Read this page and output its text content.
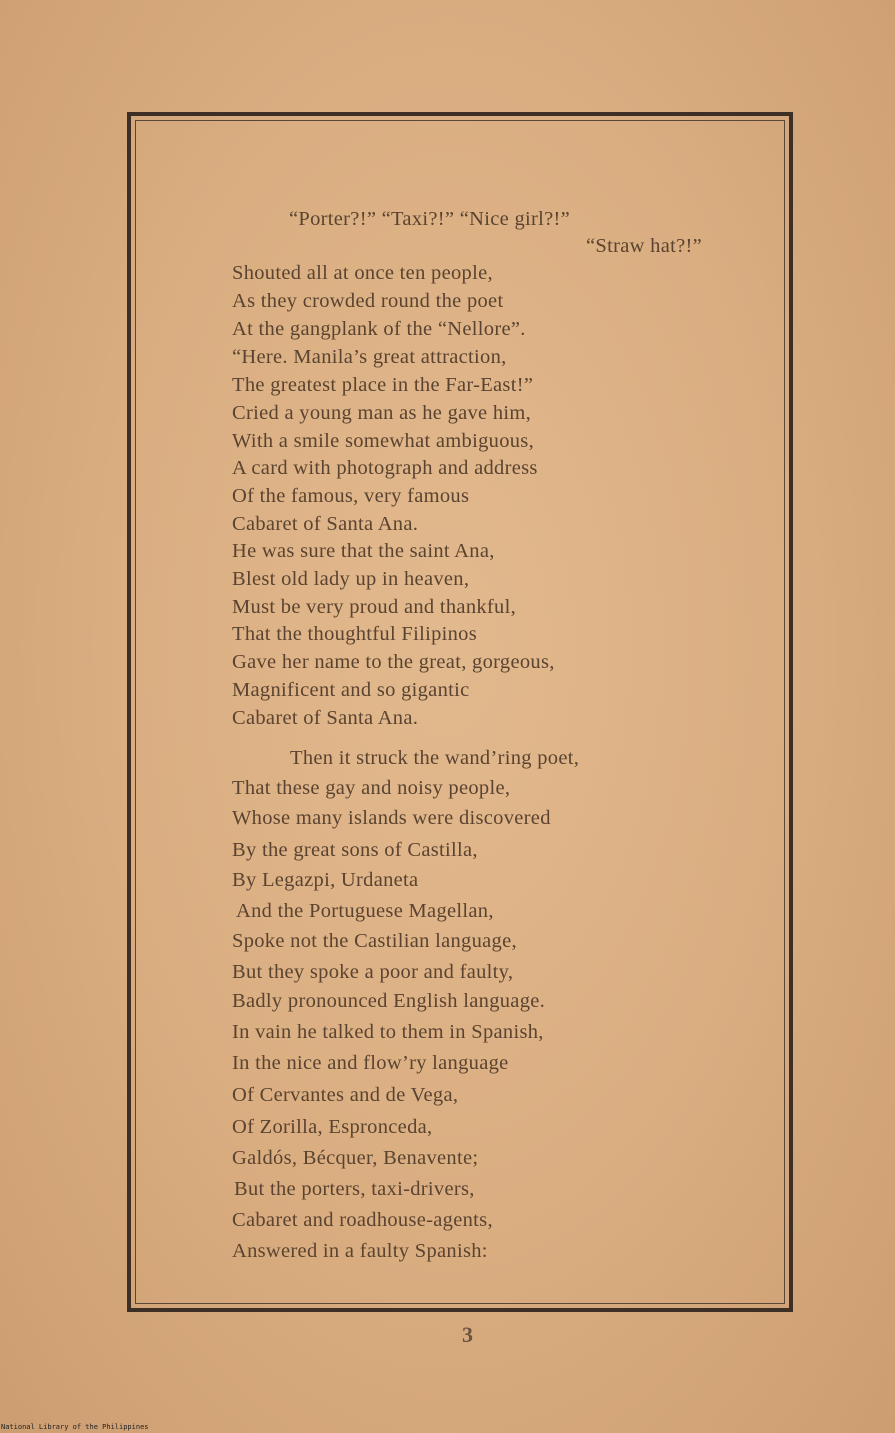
“Porter?!” “Taxi?!” “Nice girl?!”
“Straw hat?!”
Shouted all at once ten people,
As they crowded round the poet
At the gangplank of the “Nellore”.
“Here. Manila’s great attraction,
The greatest place in the Far-East!”
Cried a young man as he gave him,
With a smile somewhat ambiguous,
A card with photograph and address
Of the famous, very famous
Cabaret of Santa Ana.
He was sure that the saint Ana,
Blest old lady up in heaven,
Must be very proud and thankful,
That the thoughtful Filipinos
Gave her name to the great, gorgeous,
Magnificent and so gigantic
Cabaret of Santa Ana.
Then it struck the wand’ring poet,
That these gay and noisy people,
Whose many islands were discovered
By the great sons of Castilla,
By Legazpi, Urdaneta
And the Portuguese Magellan,
Spoke not the Castilian language,
But they spoke a poor and faulty,
Badly pronounced English language.
In vain he talked to them in Spanish,
In the nice and flow’ry language
Of Cervantes and de Vega,
Of Zorilla, Espronceda,
Galdós, Bécquer, Benavente;
But the porters, taxi-drivers,
Cabaret and roadhouse-agents,
Answered in a faulty Spanish:
3
National Library of the Philippines
